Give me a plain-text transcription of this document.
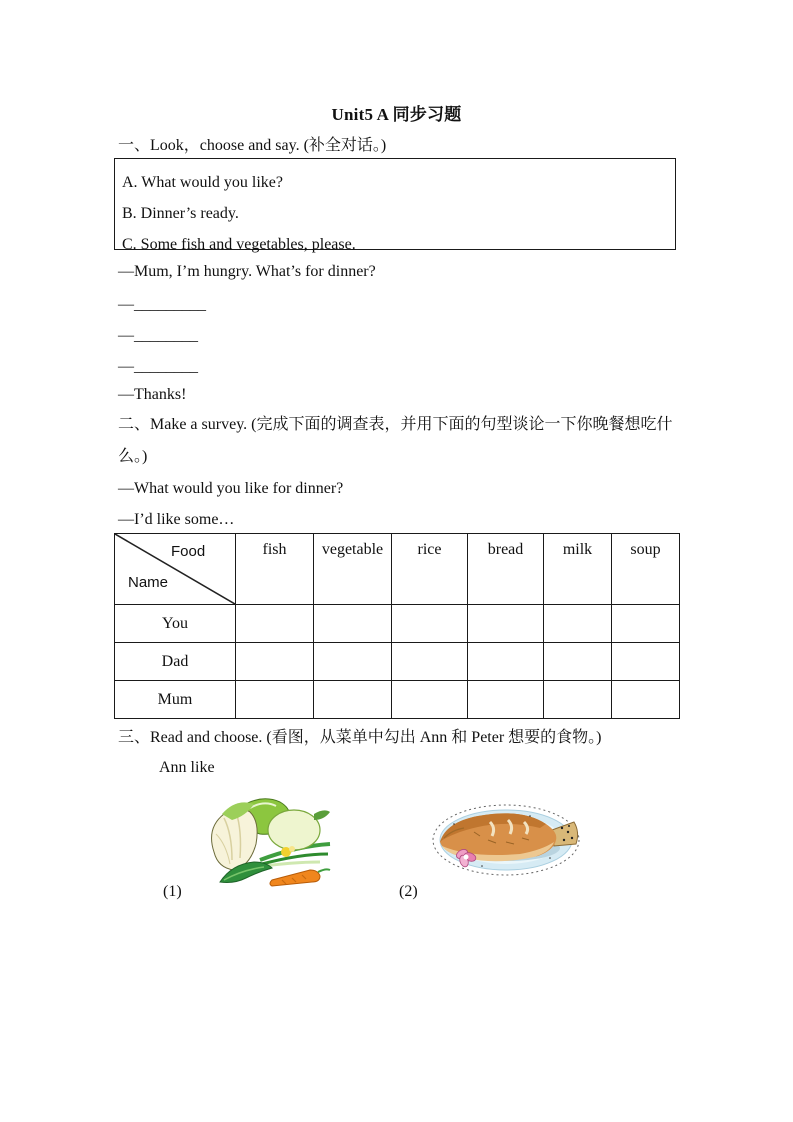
Unit5 A 同步习题
一、Look，choose and say. (补全对话。)
A. What would you like?
B. Dinner’s ready.
C. Some fish and vegetables, please.
—Mum, I’m hungry. What’s for dinner?
—_________
—________
—________
—Thanks!
二、Make a survey. (完成下面的调查表，并用下面的句型谈论一下你晚餐想吃什
么。)
—What would you like for dinner?
—I’d like some…
Food
Name	fish	vegetable	rice	bread	milk	soup
You						
Dad						
Mum						
三、Read and choose. (看图，从菜单中勾出 Ann 和 Peter 想要的食物。)
Ann like
(1)	(2)
